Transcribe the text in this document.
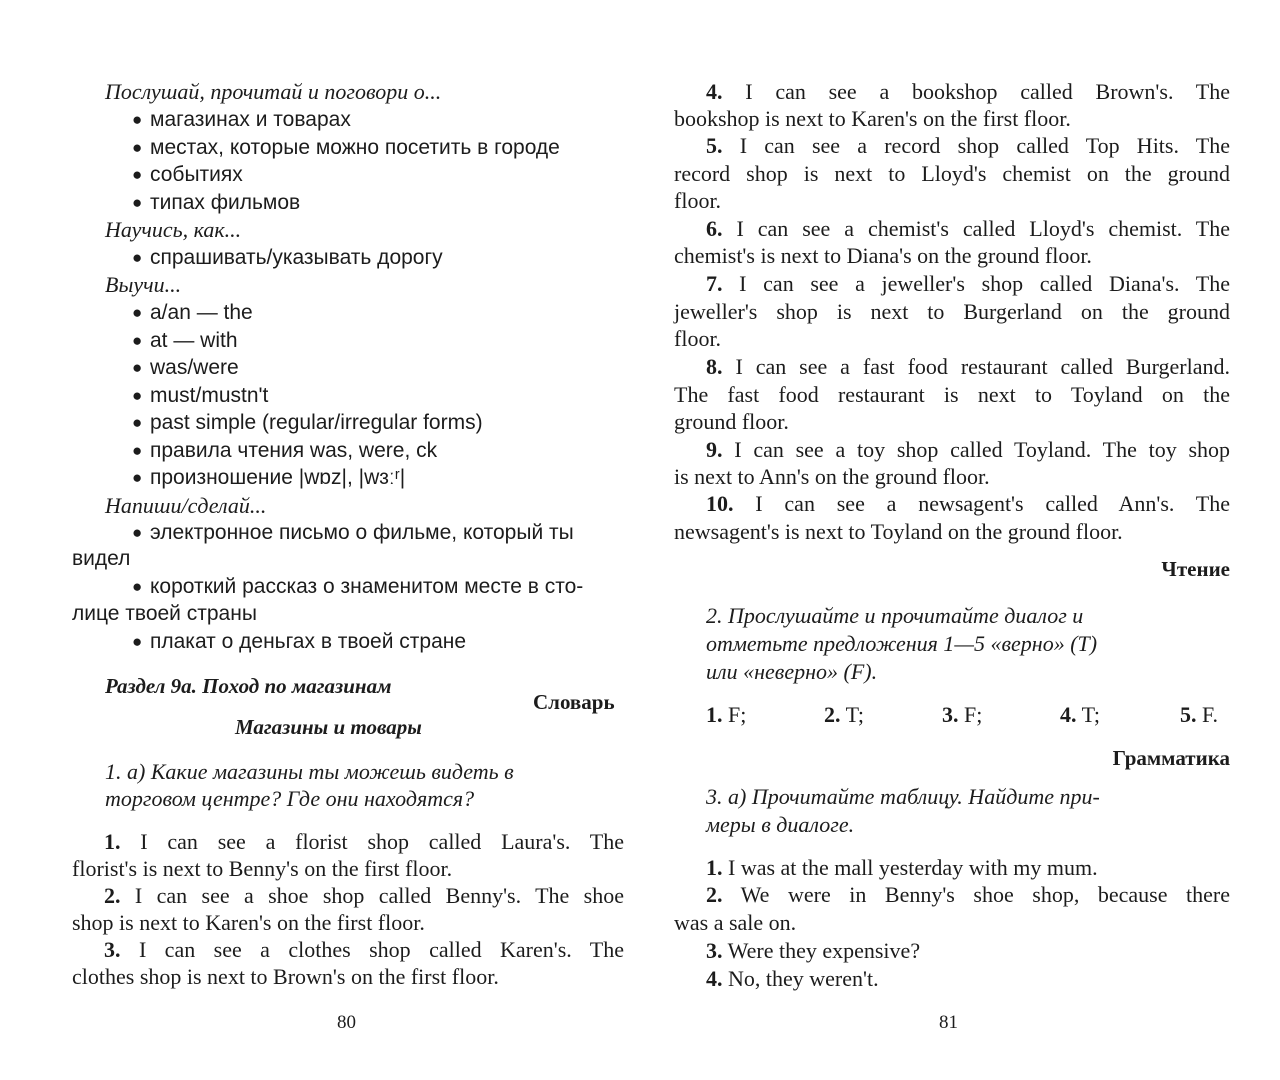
Послушай, прочитай и поговори о...
● магазинах и товарах
● местах, которые можно посетить в городе
● событиях
● типах фильмов
Научись, как...
● спрашивать/указывать дорогу
Выучи...
● a/an — the
● at — with
● was/were
● must/mustn't
● past simple (regular/irregular forms)
● правила чтения was, were, ck
● произношение |wɒz|, |wɜːʳ|
Напиши/сделай...
● электронное письмо о фильме, который ты
видел
● короткий рассказ о знаменитом месте в сто-
лице твоей страны
● плакат о деньгах в твоей стране
Раздел 9а. Поход по магазинам
Словарь
Магазины и товары
1. а) Какие магазины ты можешь видеть в
торговом центре? Где они находятся?
1. I can see a florist shop called Laura's. The
florist's is next to Benny's on the first floor.
2. I can see a shoe shop called Benny's. The shoe
shop is next to Karen's on the first floor.
3. I can see a clothes shop called Karen's. The
clothes shop is next to Brown's on the first floor.
80
4. I can see a bookshop called Brown's. The
bookshop is next to Karen's on the first floor.
5. I can see a record shop called Top Hits. The
record shop is next to Lloyd's chemist on the ground
floor.
6. I can see a chemist's called Lloyd's chemist. The
chemist's is next to Diana's on the ground floor.
7. I can see a jeweller's shop called Diana's. The
jeweller's shop is next to Burgerland on the ground
floor.
8. I can see a fast food restaurant called Burgerland.
The fast food restaurant is next to Toyland on the
ground floor.
9. I can see a toy shop called Toyland. The toy shop
is next to Ann's on the ground floor.
10. I can see a newsagent's called Ann's. The
newsagent's is next to Toyland on the ground floor.
Чтение
2. Прослушайте и прочитайте диалог и
отметьте предложения 1—5 «верно» (T)
или «неверно» (F).
1. F;	2. T;	3. F;	4. T;	5. F.
Грамматика
3. а) Прочитайте таблицу. Найдите при-
меры в диалоге.
1. I was at the mall yesterday with my mum.
2. We were in Benny's shoe shop, because there
was a sale on.
3. Were they expensive?
4. No, they weren't.
81
